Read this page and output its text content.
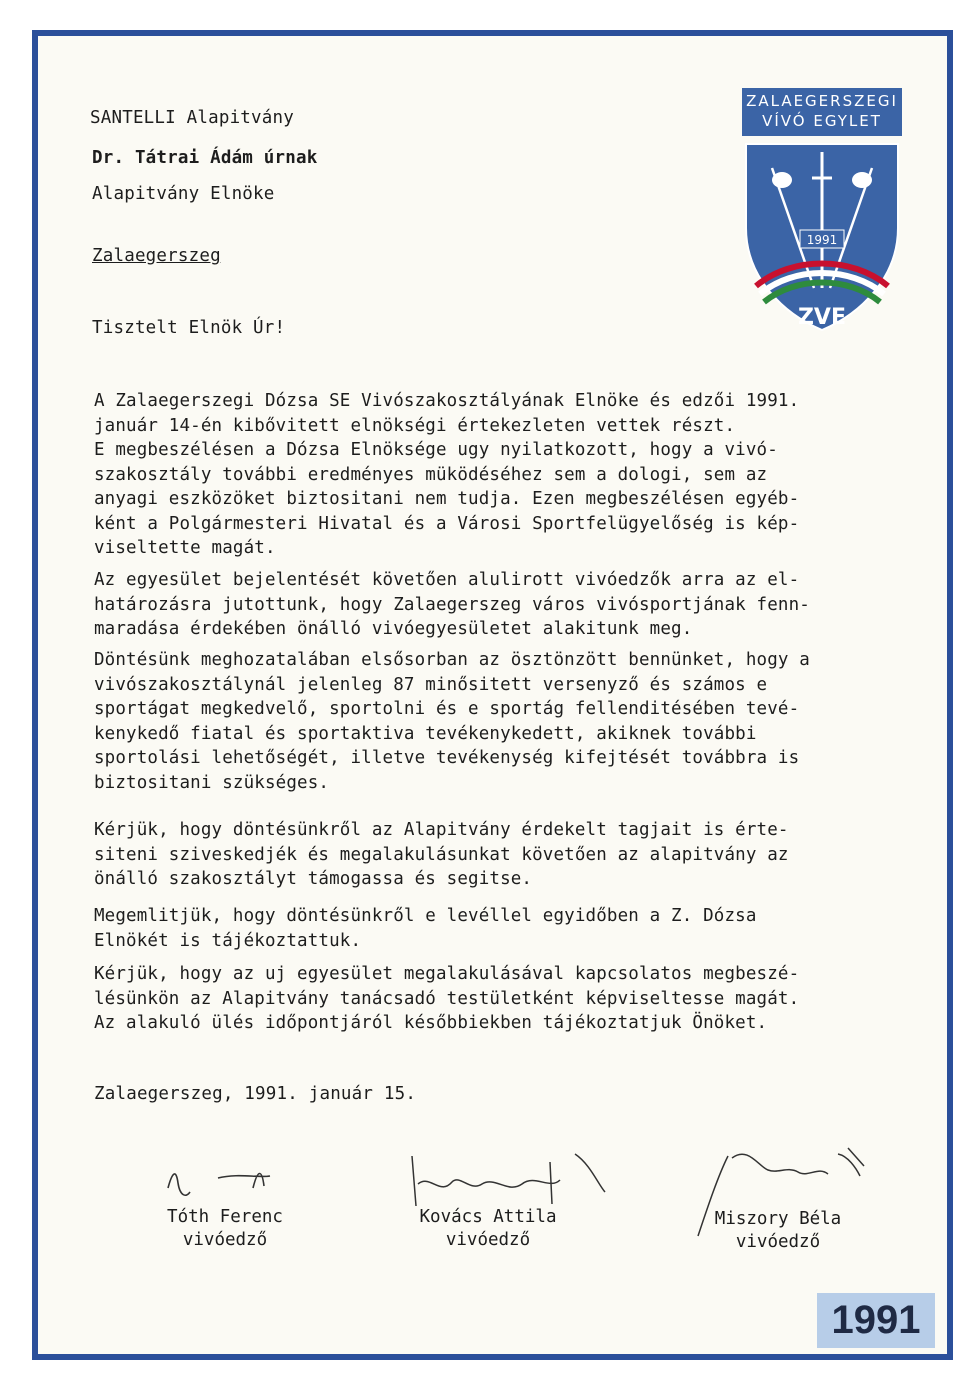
SANTELLI Alapitvány
Dr. Tátrai Ádám úrnak
Alapitvány Elnöke
Zalaegerszeg
Tisztelt Elnök Úr!
A Zalaegerszegi Dózsa SE Vivószakosztályának Elnöke és edzői 1991.
január 14-én kibővitett elnökségi értekezleten vettek részt.
E megbeszélésen a Dózsa Elnöksége ugy nyilatkozott, hogy a vivó-
szakosztály további eredményes müködéséhez sem a dologi, sem az
anyagi eszközöket biztositani nem tudja. Ezen megbeszélésen egyéb-
ként a Polgármesteri Hivatal és a Városi Sportfelügyelőség is kép-
viseltette magát.
Az egyesület bejelentését követően alulirott vivóedzők arra az el-
határozásra jutottunk, hogy Zalaegerszeg város vivósportjának fenn-
maradása érdekében önálló vivóegyesületet alakitunk meg.
Döntésünk meghozatalában elsősorban az ösztönzött bennünket, hogy a
vivószakosztálynál jelenleg 87 minősitett versenyző és számos e
sportágat megkedvelő, sportolni és e sportág fellenditésében tevé-
kenykedő fiatal és sportaktiva tevékenykedett, akiknek további
sportolási lehetőségét, illetve tevékenység kifejtését továbbra is
biztositani szükséges.
Kérjük, hogy döntésünkről az Alapitvány érdekelt tagjait is érte-
siteni sziveskedjék és megalakulásunkat követően az alapitvány az
önálló szakosztályt támogassa és segitse.
Megemlitjük, hogy döntésünkről e levéllel egyidőben a Z. Dózsa
Elnökét is tájékoztattuk.
Kérjük, hogy az uj egyesület megalakulásával kapcsolatos megbeszé-
lésünkön az Alapitvány tanácsadó testületként képviseltesse magát.
Az alakuló ülés időpontjáról későbbiekben tájékoztatjuk Önöket.
Zalaegerszeg, 1991. január 15.
Tóth Ferenc
vivóedző
Kovács Attila
vivóedző
Miszory Béla
vivóedző
ZALAEGERSZEGI
VÍVÓ EGYLET
1991
ZVE
1991
